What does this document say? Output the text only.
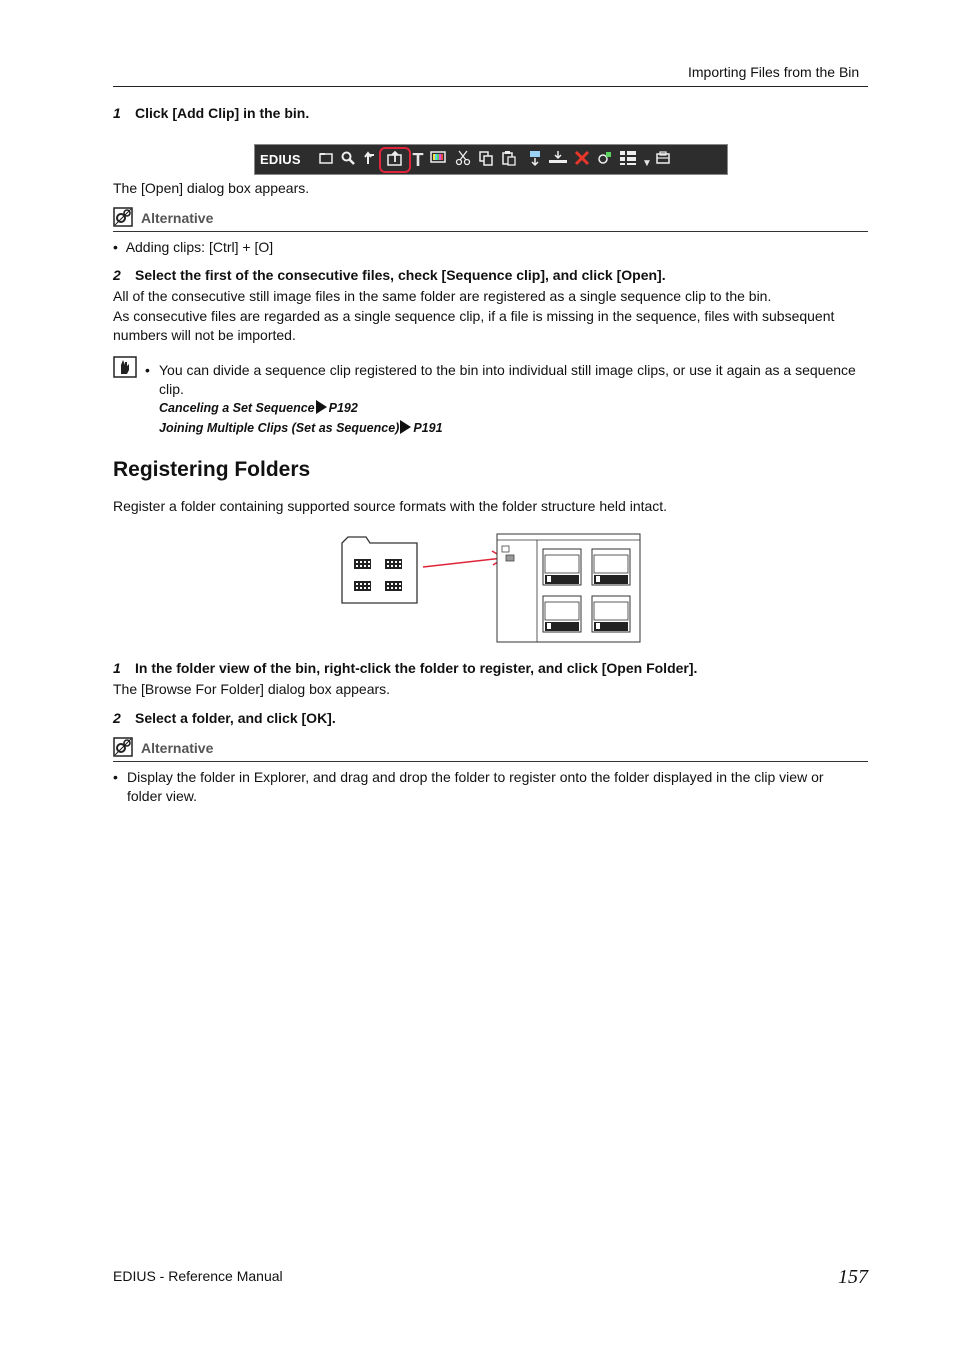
Importing Files from the Bin
1 Click [Add Clip] in the bin.
EDIUS	T	▼
The [Open] dialog box appears.
Alternative
•  Adding clips: [Ctrl] + [O]
2 Select the first of the consecutive files, check [Sequence clip], and click [Open].
All of the consecutive still image files in the same folder are registered as a single sequence clip to the bin.
As consecutive files are regarded as a single sequence clip, if a file is missing in the sequence, files with subsequent numbers will not be imported.
• You can divide a sequence clip registered to the bin into individual still image clips, or use it again as a sequence clip.
Canceling a Set Sequence P192
Joining Multiple Clips (Set as Sequence) P191
Registering Folders
Register a folder containing supported source formats with the folder structure held intact.
1 In the folder view of the bin, right-click the folder to register, and click [Open Folder].
The [Browse For Folder] dialog box appears.
2 Select a folder, and click [OK].
Alternative
• Display the folder in Explorer, and drag and drop the folder to register onto the folder displayed in the clip view or folder view.
EDIUS - Reference Manual	157
